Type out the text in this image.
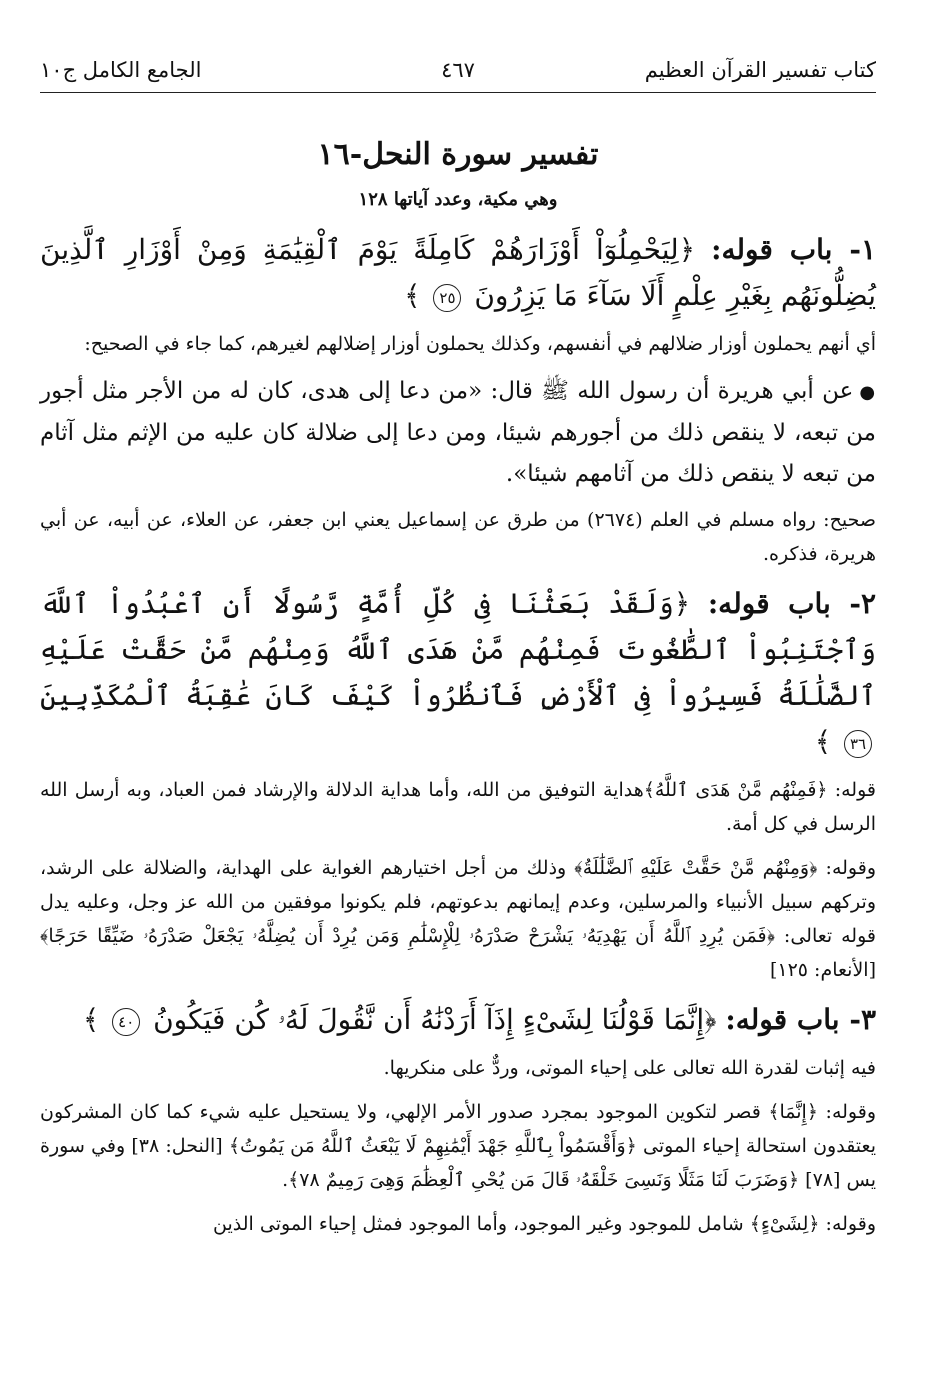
كتاب تفسير القرآن العظيم
٤٦٧
الجامع الكامل ج١٠
تفسير سورة النحل-١٦
وهي مكية، وعدد آياتها ١٢٨
١- باب قوله: ﴿لِيَحْمِلُوٓاْ أَوْزَارَهُمْ كَامِلَةً يَوْمَ ٱلْقِيَٰمَةِ وَمِنْ أَوْزَارِ ٱلَّذِينَ يُضِلُّونَهُم بِغَيْرِ عِلْمٍ أَلَا سَآءَ مَا يَزِرُونَ ٢٥ ﴾
أي أنهم يحملون أوزار ضلالهم في أنفسهم، وكذلك يحملون أوزار إضلالهم لغيرهم، كما جاء في الصحيح:
●عن أبي هريرة أن رسول الله ﷺ قال: «من دعا إلى هدى، كان له من الأجر مثل أجور من تبعه، لا ينقص ذلك من أجورهم شيئا، ومن دعا إلى ضلالة كان عليه من الإثم مثل آثام من تبعه لا ينقص ذلك من آثامهم شيئا».
صحيح: رواه مسلم في العلم (٢٦٧٤) من طرق عن إسماعيل يعني ابن جعفر، عن العلاء، عن أبيه، عن أبي هريرة، فذكره.
٢- باب قوله: ﴿وَلَقَدْ بَعَثْنَا فِى كُلِّ أُمَّةٍ رَّسُولًا أَنِ ٱعْبُدُواْ ٱللَّهَ وَٱجْتَنِبُواْ ٱلطَّٰغُوتَ فَمِنْهُم مَّنْ هَدَى ٱللَّهُ وَمِنْهُم مَّنْ حَقَّتْ عَلَيْهِ ٱلضَّلَٰلَةُ فَسِيرُواْ فِى ٱلْأَرْضِ فَٱنظُرُواْ كَيْفَ كَانَ عَٰقِبَةُ ٱلْمُكَذِّبِينَ ٣٦ ﴾
قوله: ﴿فَمِنْهُم مَّنْ هَدَى ٱللَّهُ﴾هداية التوفيق من الله، وأما هداية الدلالة والإرشاد فمن العباد، وبه أرسل الله الرسل في كل أمة.
وقوله: ﴿وَمِنْهُم مَّنْ حَقَّتْ عَلَيْهِ ٱلضَّلَٰلَةُ﴾ وذلك من أجل اختيارهم الغواية على الهداية، والضلالة على الرشد، وتركهم سبيل الأنبياء والمرسلين، وعدم إيمانهم بدعوتهم، فلم يكونوا موفقين من الله عز وجل، وعليه يدل قوله تعالى: ﴿فَمَن يُرِدِ ٱللَّهُ أَن يَهْدِيَهُۥ يَشْرَحْ صَدْرَهُۥ لِلْإِسْلَٰمِ وَمَن يُرِدْ أَن يُضِلَّهُۥ يَجْعَلْ صَدْرَهُۥ ضَيِّقًا حَرَجًا﴾ [الأنعام: ١٢٥]
٣- باب قوله: ﴿إِنَّمَا قَوْلُنَا لِشَىْءٍ إِذَآ أَرَدْنَٰهُ أَن نَّقُولَ لَهُۥ كُن فَيَكُونُ ٤٠ ﴾
فيه إثبات لقدرة الله تعالى على إحياء الموتى، وردٌّ على منكريها.
وقوله: ﴿إِنَّمَا﴾ قصر لتكوين الموجود بمجرد صدور الأمر الإلهي، ولا يستحيل عليه شيء كما كان المشركون يعتقدون استحالة إحياء الموتى ﴿وَأَقْسَمُواْ بِٱللَّهِ جَهْدَ أَيْمَٰنِهِمْ لَا يَبْعَثُ ٱللَّهُ مَن يَمُوتُ﴾ [النحل: ٣٨] وفي سورة يس [٧٨] ﴿وَضَرَبَ لَنَا مَثَلًا وَنَسِىَ خَلْقَهُۥ قَالَ مَن يُحْىِ ٱلْعِظَٰمَ وَهِىَ رَمِيمٌ ٧٨﴾.
وقوله: ﴿لِشَىْءٍ﴾ شامل للموجود وغير الموجود، وأما الموجود فمثل إحياء الموتى الذين
